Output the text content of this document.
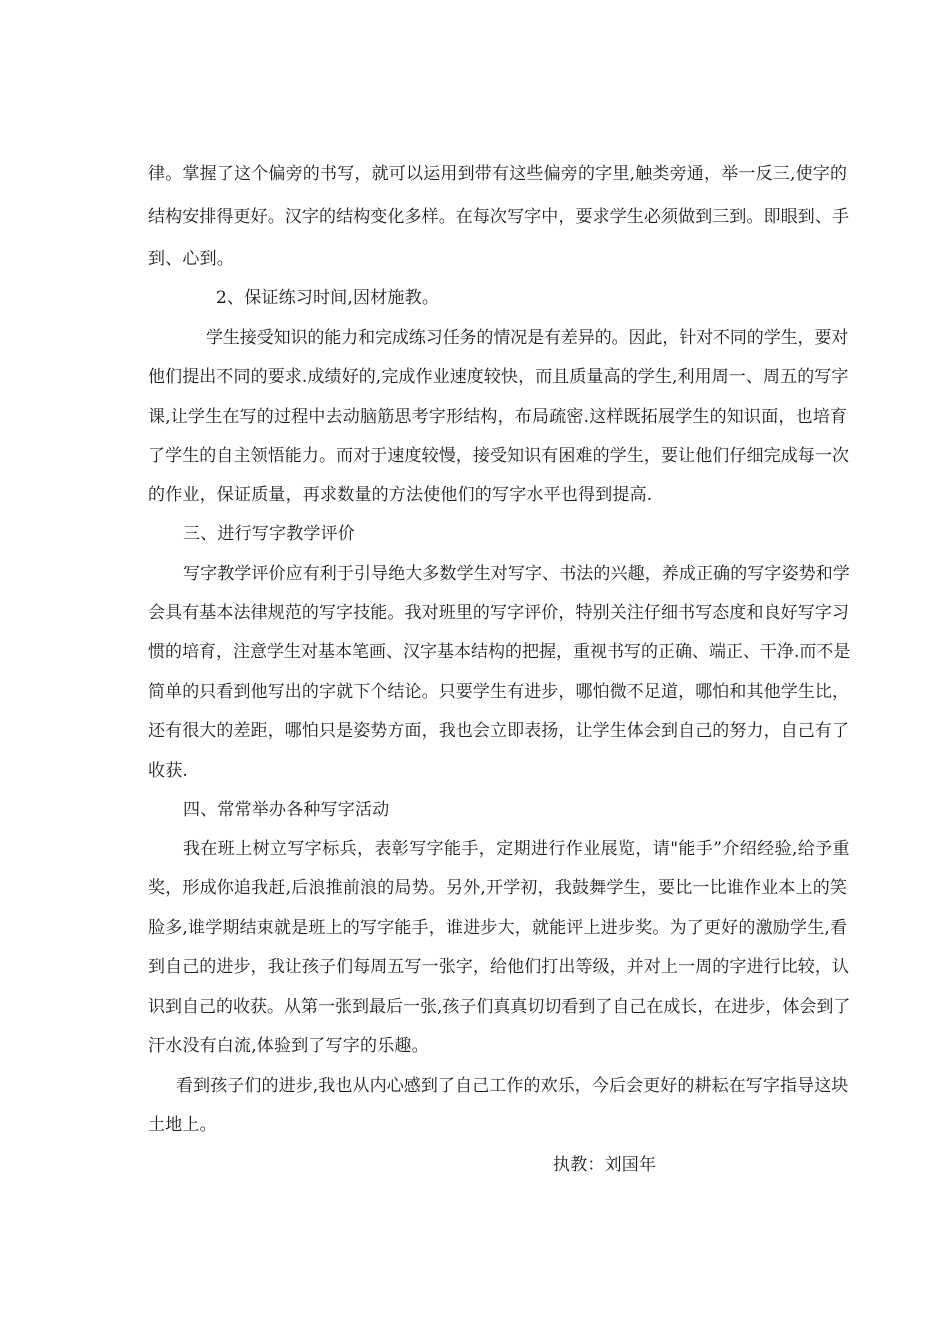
律。掌握了这个偏旁的书写，就可以运用到带有这些偏旁的字里,触类旁通，举一反三,使字的
结构安排得更好。汉字的结构变化多样。在每次写字中，要求学生必须做到三到。即眼到、手
到、心到。
2、保证练习时间,因材施教。
学生接受知识的能力和完成练习任务的情况是有差异的。因此，针对不同的学生，要对
他们提出不同的要求.成绩好的,完成作业速度较快，而且质量高的学生,利用周一、周五的写字
课,让学生在写的过程中去动脑筋思考字形结构，布局疏密.这样既拓展学生的知识面，也培育
了学生的自主领悟能力。而对于速度较慢，接受知识有困难的学生，要让他们仔细完成每一次
的作业，保证质量，再求数量的方法使他们的写字水平也得到提高.
三、进行写字教学评价
写字教学评价应有利于引导绝大多数学生对写字、书法的兴趣，养成正确的写字姿势和学
会具有基本法律规范的写字技能。我对班里的写字评价，特别关注仔细书写态度和良好写字习
惯的培育，注意学生对基本笔画、汉字基本结构的把握，重视书写的正确、端正、干净.而不是
简单的只看到他写出的字就下个结论。只要学生有进步，哪怕微不足道，哪怕和其他学生比，
还有很大的差距，哪怕只是姿势方面，我也会立即表扬，让学生体会到自己的努力，自己有了
收获.
四、常常举办各种写字活动
我在班上树立写字标兵，表彰写字能手，定期进行作业展览，请"能手”介绍经验,给予重
奖，形成你追我赶,后浪推前浪的局势。另外,开学初，我鼓舞学生，要比一比谁作业本上的笑
脸多,谁学期结束就是班上的写字能手，谁进步大，就能评上进步奖。为了更好的激励学生,看
到自己的进步，我让孩子们每周五写一张字，给他们打出等级，并对上一周的字进行比较，认
识到自己的收获。从第一张到最后一张,孩子们真真切切看到了自己在成长，在进步，体会到了
汗水没有白流,体验到了写字的乐趣。
看到孩子们的进步,我也从内心感到了自己工作的欢乐，今后会更好的耕耘在写字指导这块
土地上。
执教：刘国年
